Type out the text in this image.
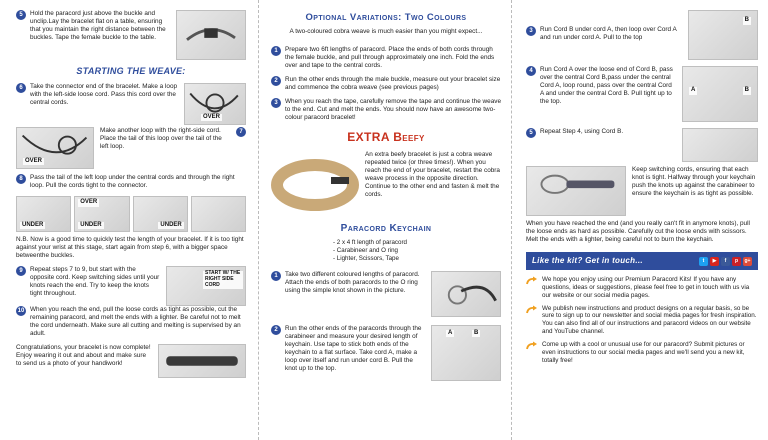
5	Hold the paracord just above the buckle and unclip.Lay the bracelet flat on a table, ensuring that you maintain the right distance between the buckles. Tape the female buckle to the table.
STARTING THE WEAVE:
6	Take the connector end of the bracelet. Make a loop with the left-side loose cord. Pass this cord over the central cords.
OVER
OVER
7
Make another loop with the right-side cord. Place the tail of this loop over the tail of the left loop.
8	Pass the tail of the left loop under the central cords and through the right loop. Pull the cords tight to the connector.
UNDER
OVER
UNDER	UNDER
N.B. Now is a good time to quickly test the length of your bracelet. If it is too tight against your wrist at this stage, start again from step 6, with a bigger space betweenthe buckles.
9	Repeat steps 7 to 9, but start with the opposite cord. Keep switching sides until your knots reach the end. Try to keep the knots tight throughout.
START W/ THE RIGHT SIDE CORD
10 When you reach the end, pull the loose cords as tight as possible, cut the remaining paracord, and melt the ends with a lighter. Be careful not to melt the cord underneath. Make sure all cutting and melting is supervised by an adult.
Congratulations, your bracelet is now complete! Enjoy wearing it out and about and make sure to send us a photo of your handiwork!
Optional Variations: Two Colours
A two-coloured cobra weave is much easier than you might expect...
1	Prepare two 6ft lengths of paracord. Place the ends of both cords through the female buckle, and pull through approximately one inch. Fold the ends over and tape to the central cords.
2	Run the other ends through the male buckle, measure out your bracelet size and commence the cobra weave (see previous pages)
3	When you reach the tape, carefully remove the tape and continue the weave to the end. Cut and melt the ends. You should now have an awesome two-colour paracord bracelet!
EXTRA Beefy
An extra beefy bracelet is just a cobra weave repeated twice (or three times!). When you reach the end of your bracelet, restart the cobra weave process in the opposite direction. Continue to the other end and fasten & melt the cords.
Paracord Keychain
- 2 x 4 ft length of paracord
- Carabineer and O ring
- Lighter, Scissors, Tape
1	Take two different coloured lengths of paracord. Attach the ends of both paracords to the O ring using the simple knot shown in the picture.
2	Run the other ends of the paracords through the carabineer and measure your desired length of keychain. Use tape to stick both ends of the keychain to a flat surface. Take cord A, make a loop over itself and run under cord B. Pull the knot up to the top.
A	B
3	Run Cord B under cord A, then loop over Cord A and run under cord A. Pull to the top
B
4	Run Cord A over the loose end of Cord B, pass over the central Cord B,pass under the central Cord A, loop round, pass over the central Cord A and under the central Cord B. Pull tight up to the top.
A	B
5	Repeat Step 4, using Cord B.
Keep switching cords, ensuring that each knot is tight. Halfway through your keychain push the knots up against the carabineer to ensure the keychain is as tight as possible.
When you have reached the end (and you really can't fit in anymore knots), pull the loose ends as hard as possible. Carefully cut the loose ends with scissors. Melt the ends with a lighter, being careful not to burn the keychain.
Like the kit? Get in touch...	t	▶	f	p	g+
We hope you enjoy using our Premium Paracord Kits! If you have any questions, ideas or suggestions, please feel free to get in touch with us via our website or our social media pages.
We publish new instructions and product designs on a regular basis, so be sure to sign up to our newsletter and social media pages for fresh inspiration. You can also find all of our instructions and paracord videos on our website and YouTube channel.
Come up with a cool or unusual use for our paracord? Submit pictures or even instructions to our social media pages and we'll send you a new kit, totally free!
